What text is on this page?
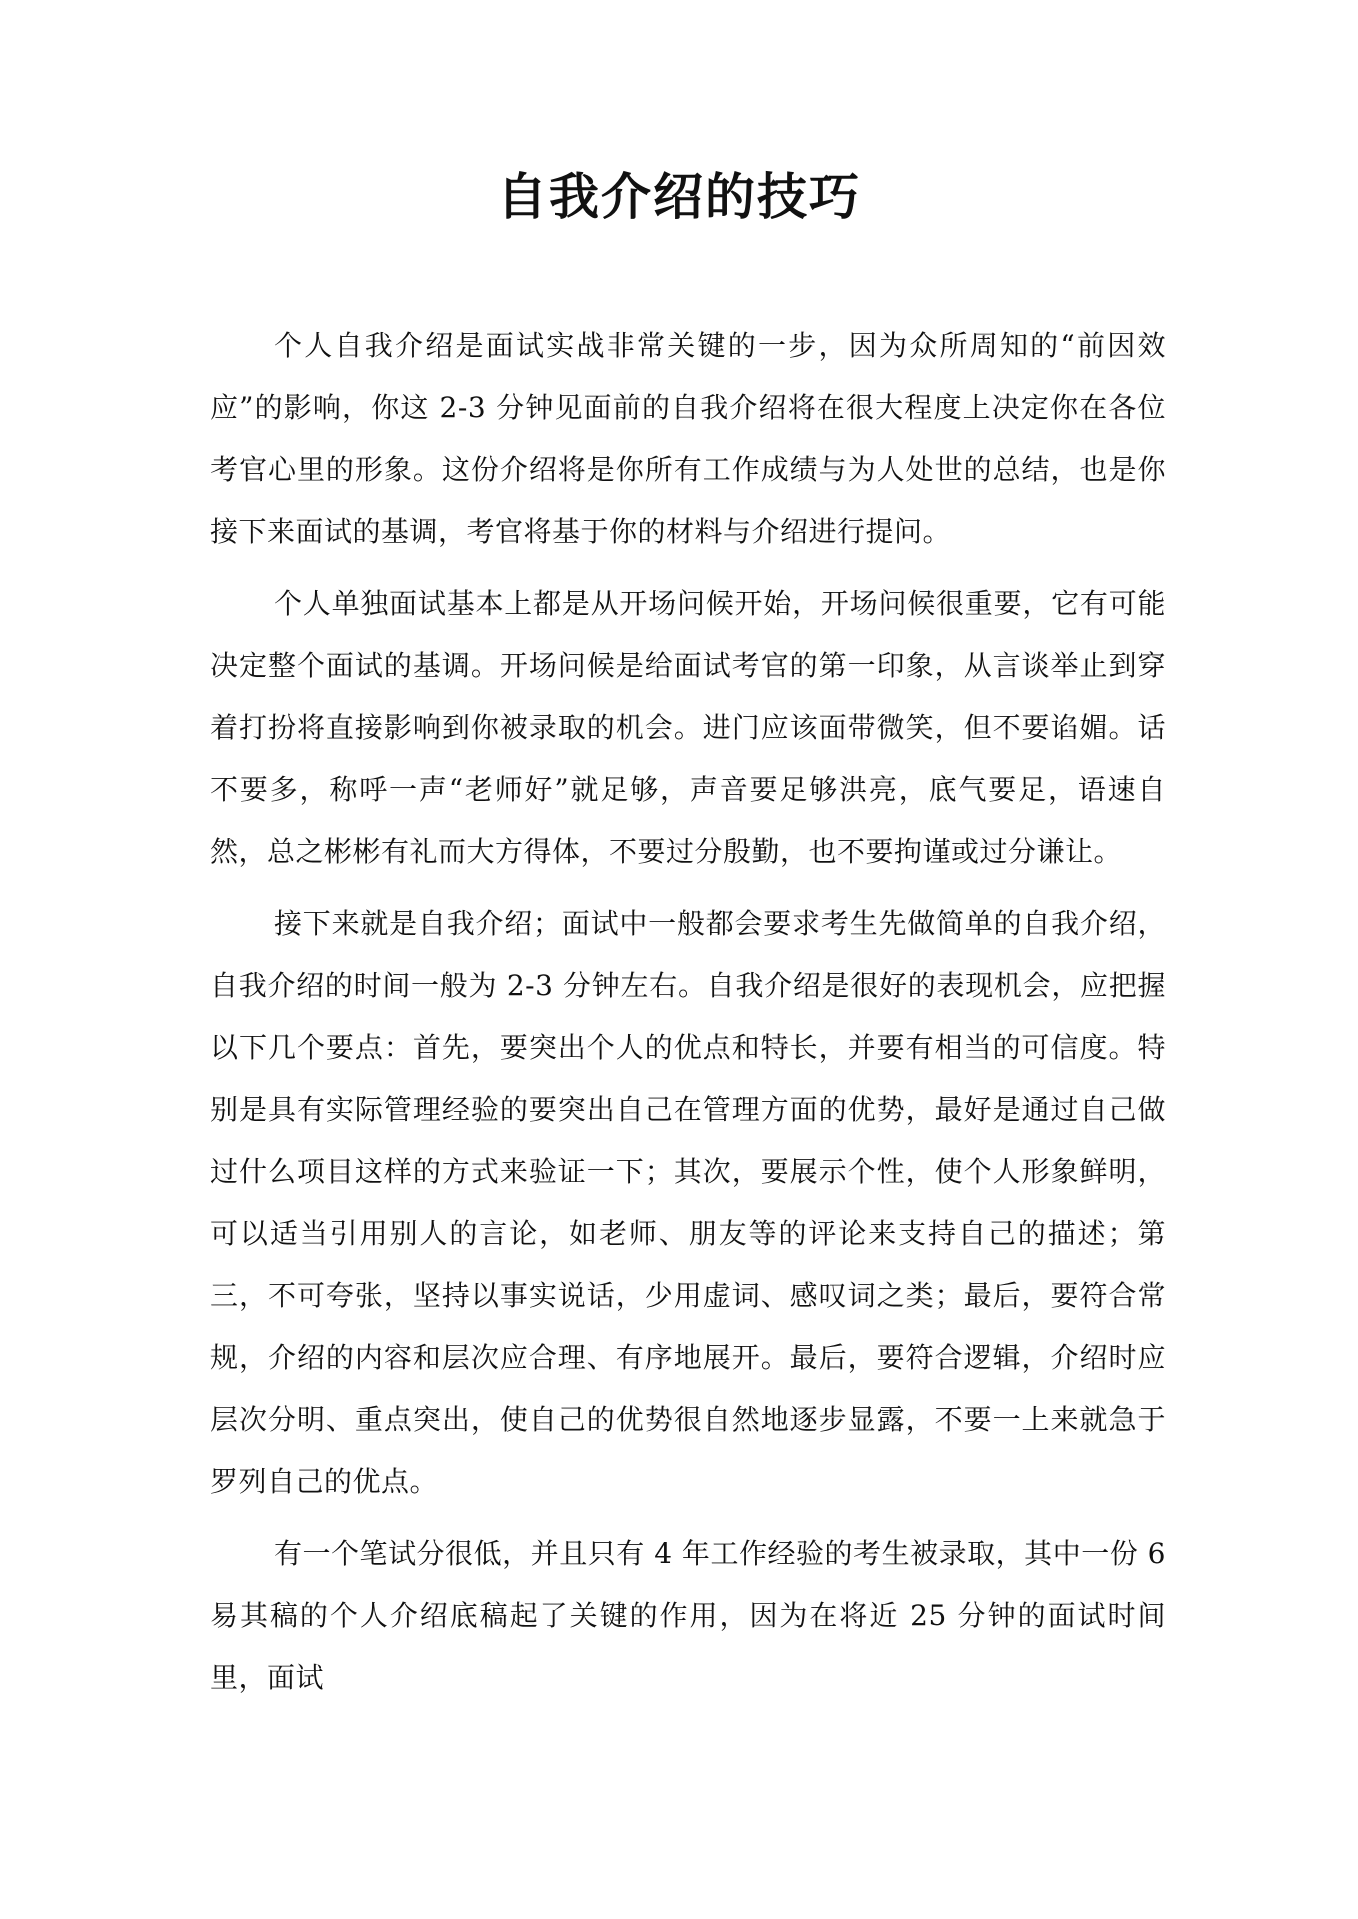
自我介绍的技巧

个人自我介绍是面试实战非常关键的一步，因为众所周知的“前因效应”的影响，你这 2-3 分钟见面前的自我介绍将在很大程度上决定你在各位考官心里的形象。这份介绍将是你所有工作成绩与为人处世的总结，也是你接下来面试的基调，考官将基于你的材料与介绍进行提问。

个人单独面试基本上都是从开场问候开始，开场问候很重要，它有可能决定整个面试的基调。开场问候是给面试考官的第一印象，从言谈举止到穿着打扮将直接影响到你被录取的机会。进门应该面带微笑，但不要谄媚。话不要多，称呼一声“老师好”就足够，声音要足够洪亮，底气要足，语速自然，总之彬彬有礼而大方得体，不要过分殷勤，也不要拘谨或过分谦让。

接下来就是自我介绍；面试中一般都会要求考生先做简单的自我介绍，自我介绍的时间一般为 2-3 分钟左右。自我介绍是很好的表现机会，应把握以下几个要点：首先，要突出个人的优点和特长，并要有相当的可信度。特别是具有实际管理经验的要突出自己在管理方面的优势，最好是通过自己做过什么项目这样的方式来验证一下；其次，要展示个性，使个人形象鲜明，可以适当引用别人的言论，如老师、朋友等的评论来支持自己的描述；第三，不可夸张，坚持以事实说话，少用虚词、感叹词之类；最后，要符合常规，介绍的内容和层次应合理、有序地展开。最后，要符合逻辑，介绍时应层次分明、重点突出，使自己的优势很自然地逐步显露，不要一上来就急于罗列自己的优点。

有一个笔试分很低，并且只有 4 年工作经验的考生被录取，其中一份 6 易其稿的个人介绍底稿起了关键的作用，因为在将近 25 分钟的面试时间里，面试
